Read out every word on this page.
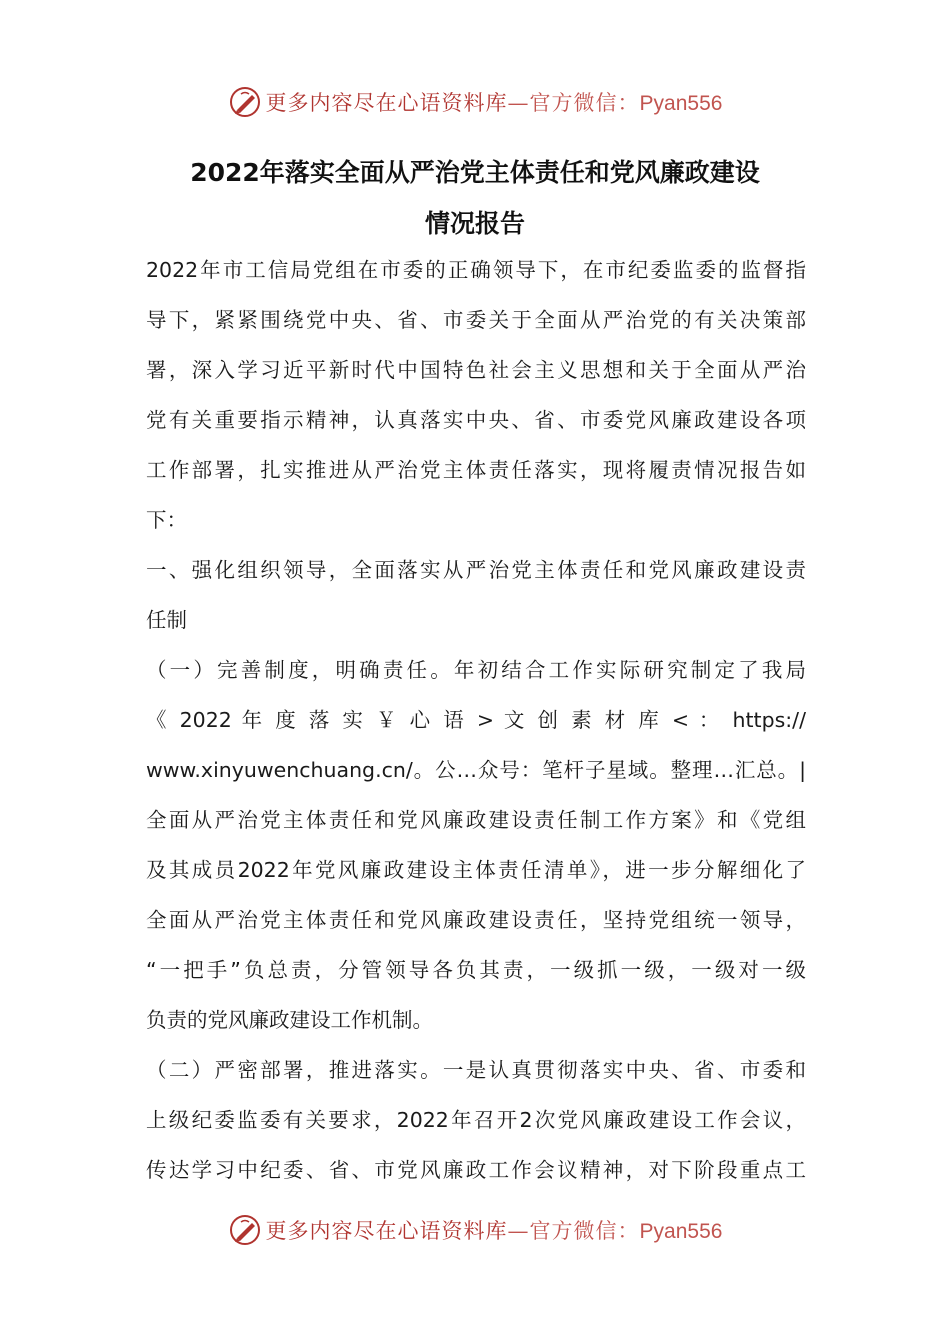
更多内容尽在心语资料库—官方微信：Pyan556
2022年落实全面从严治党主体责任和党风廉政建设
情况报告
2022年市工信局党组在市委的正确领导下，在市纪委监委的监督指
导下，紧紧围绕党中央、省、市委关于全面从严治党的有关决策部
署，深入学习近平新时代中国特色社会主义思想和关于全面从严治
党有关重要指示精神，认真落实中央、省、市委党风廉政建设各项
工作部署，扎实推进从严治党主体责任落实，现将履责情况报告如
下：
一、强化组织领导，全面落实从严治党主体责任和党风廉政建设责
任制
（一）完善制度，明确责任。年初结合工作实际研究制定了我局
《 2022 年 度 落 实 ￥ 心 语 > 文 创 素 材 库 < ： https://
www.xinyuwenchuang.cn/。公…众号：笔杆子星域。整理…汇总。|
全面从严治党主体责任和党风廉政建设责任制工作方案》和《党组
及其成员2022年党风廉政建设主体责任清单》，进一步分解细化了
全面从严治党主体责任和党风廉政建设责任，坚持党组统一领导，
“一把手”负总责，分管领导各负其责，一级抓一级，一级对一级
负责的党风廉政建设工作机制。
（二）严密部署，推进落实。一是认真贯彻落实中央、省、市委和
上级纪委监委有关要求，2022年召开2次党风廉政建设工作会议，
传达学习中纪委、省、市党风廉政工作会议精神，对下阶段重点工
更多内容尽在心语资料库—官方微信：Pyan556
